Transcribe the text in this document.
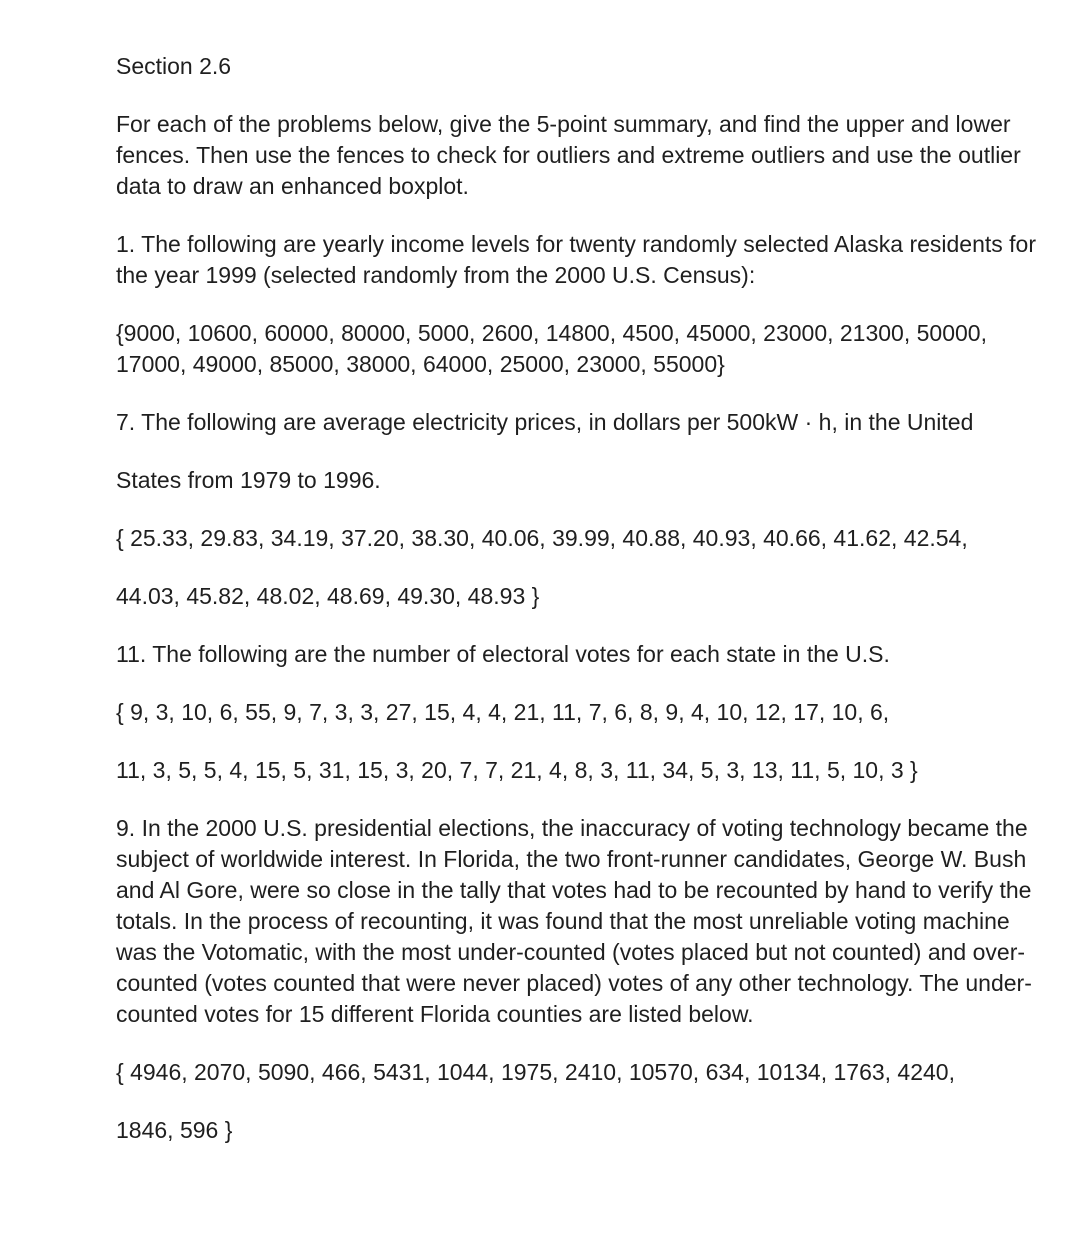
Section 2.6

For each of the problems below, give the 5-point summary, and find the upper and lower fences. Then use the fences to check for outliers and extreme outliers and use the outlier data to draw an enhanced boxplot.

1. The following are yearly income levels for twenty randomly selected Alaska residents for the year 1999 (selected randomly from the 2000 U.S. Census):

{9000, 10600, 60000, 80000, 5000, 2600, 14800, 4500, 45000, 23000, 21300, 50000, 17000, 49000, 85000, 38000, 64000, 25000, 23000, 55000}

7. The following are average electricity prices, in dollars per 500kW · h, in the United

States from 1979 to 1996.

{ 25.33, 29.83, 34.19, 37.20, 38.30, 40.06, 39.99, 40.88, 40.93, 40.66, 41.62, 42.54,

44.03, 45.82, 48.02, 48.69, 49.30, 48.93 }

11. The following are the number of electoral votes for each state in the U.S.

{ 9, 3, 10, 6, 55, 9, 7, 3, 3, 27, 15, 4, 4, 21, 11, 7, 6, 8, 9, 4, 10, 12, 17, 10, 6,

11, 3, 5, 5, 4, 15, 5, 31, 15, 3, 20, 7, 7, 21, 4, 8, 3, 11, 34, 5, 3, 13, 11, 5, 10, 3 }

9. In the 2000 U.S. presidential elections, the inaccuracy of voting technology became the subject of worldwide interest. In Florida, the two front-runner candidates, George W. Bush and Al Gore, were so close in the tally that votes had to be recounted by hand to verify the totals. In the process of recounting, it was found that the most unreliable voting machine was the Votomatic, with the most under-counted (votes placed but not counted) and over-counted (votes counted that were never placed) votes of any other technology. The under-counted votes for 15 different Florida counties are listed below.

{ 4946, 2070, 5090, 466, 5431, 1044, 1975, 2410, 10570, 634, 10134, 1763, 4240,

1846, 596 }
